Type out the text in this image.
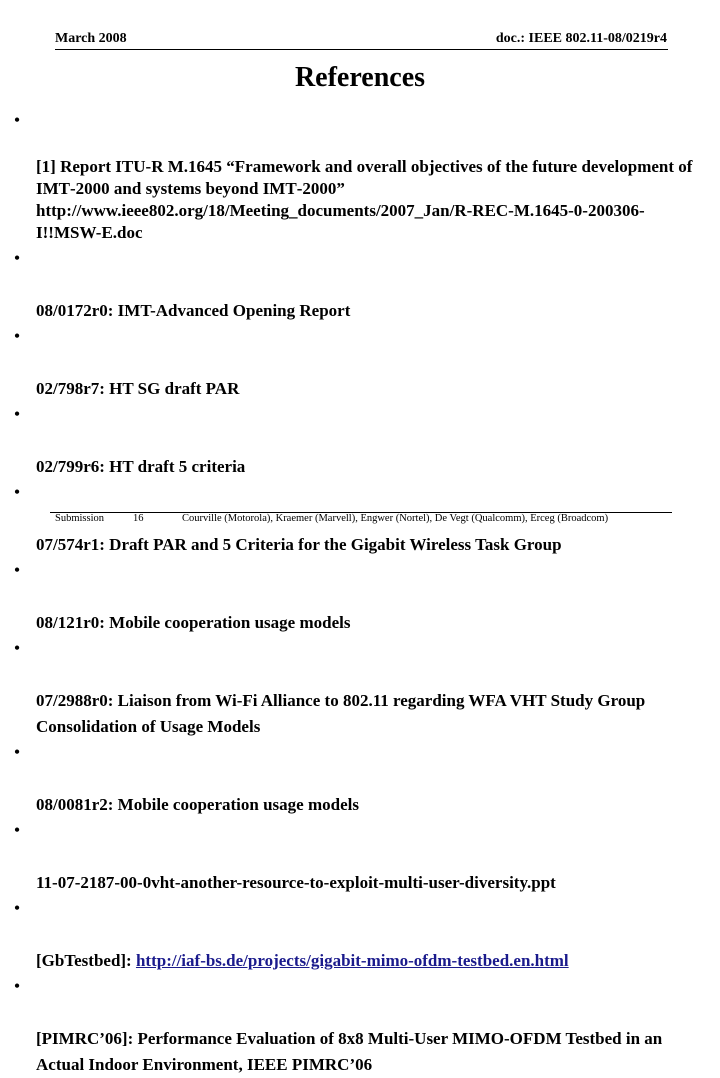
March 2008	doc.: IEEE 802.11-08/0219r4
References

•

[1] Report ITU-R M.1645 “Framework and overall objectives of the future development of IMT‑2000 and systems beyond IMT‑2000” http://www.ieee802.org/18/Meeting_documents/2007_Jan/R-REC-M.1645-0-200306-I!!MSW-E.doc

•

08/0172r0: IMT-Advanced Opening Report

•

02/798r7: HT SG draft PAR

•

02/799r6: HT draft 5 criteria

•

07/574r1: Draft PAR and 5 Criteria for the Gigabit Wireless Task Group

•

08/121r0: Mobile cooperation usage models

•

07/2988r0: Liaison from Wi-Fi Alliance to 802.11 regarding WFA VHT Study Group Consolidation of Usage Models

•

08/0081r2: Mobile cooperation usage models

•

11-07-2187-00-0vht-another-resource-to-exploit-multi-user-diversity.ppt

•

[GbTestbed]: http://iaf-bs.de/projects/gigabit-mimo-ofdm-testbed.en.html

•

[PIMRC’06]: Performance Evaluation of 8x8 Multi-User MIMO-OFDM Testbed in an Actual Indoor Environment, IEEE PIMRC’06

Submission	16	Courville (Motorola), Kraemer (Marvell), Engwer (Nortel), De Vegt (Qualcomm), Erceg (Broadcom)
